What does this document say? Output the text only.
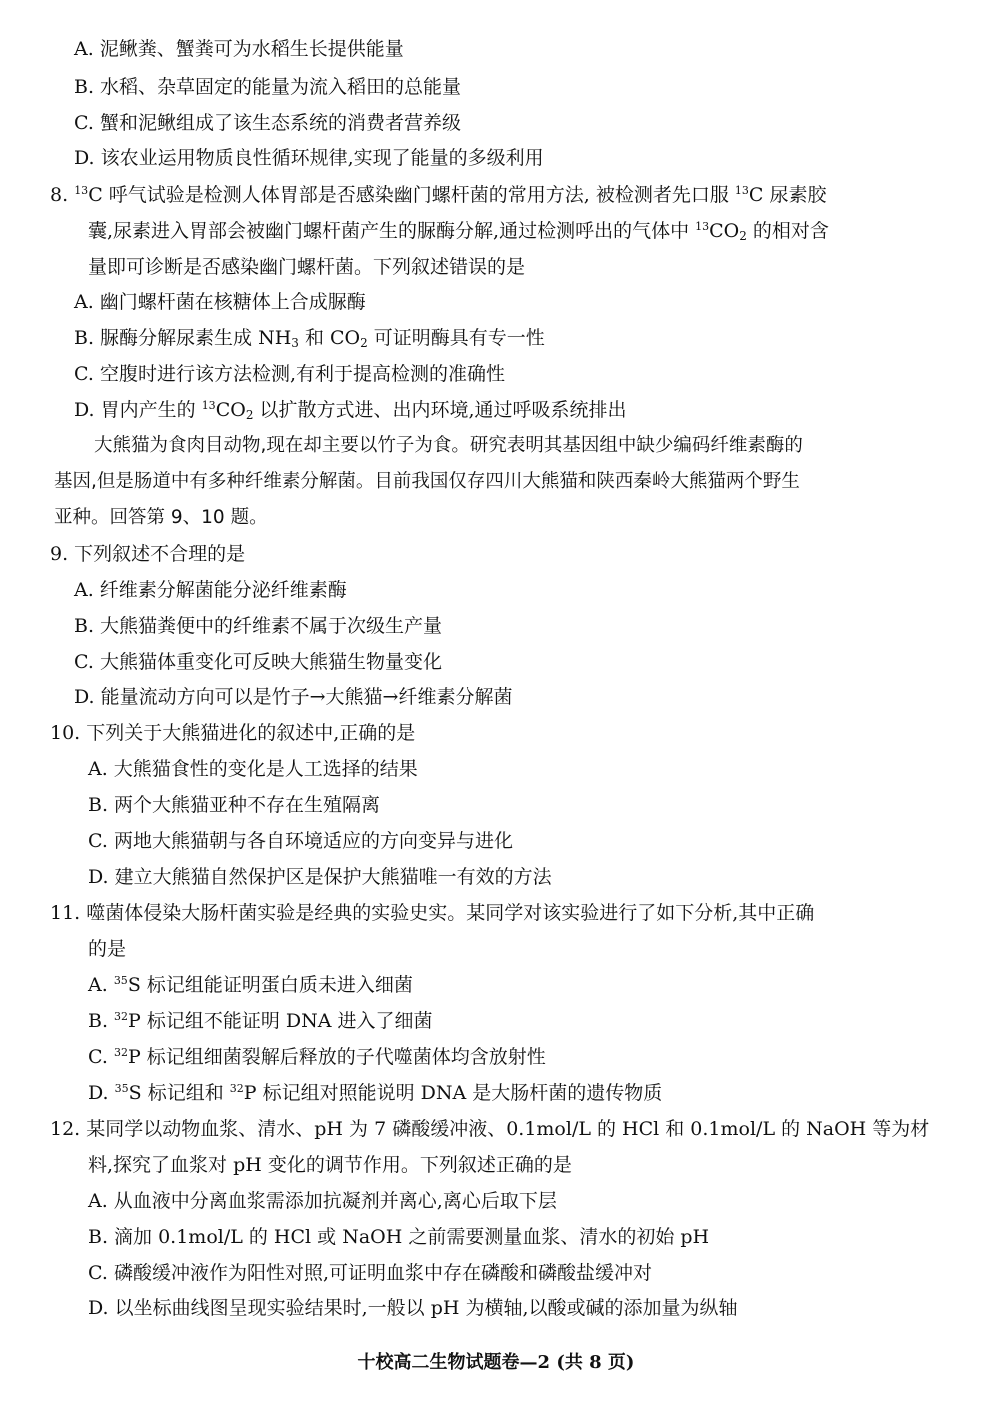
A. 泥鳅粪、蟹粪可为水稻生长提供能量
B. 水稻、杂草固定的能量为流入稻田的总能量
C. 蟹和泥鳅组成了该生态系统的消费者营养级
D. 该农业运用物质良性循环规律,实现了能量的多级利用
8. $^{13}$C 呼气试验是检测人体胃部是否感染幽门螺杆菌的常用方法, 被检测者先口服 $^{13}$C 尿素胶
囊,尿素进入胃部会被幽门螺杆菌产生的脲酶分解,通过检测呼出的气体中 $^{13}CO_2$ 的相对含
量即可诊断是否感染幽门螺杆菌。下列叙述错误的是
A. 幽门螺杆菌在核糖体上合成脲酶
B. 脲酶分解尿素生成 $NH_3$ 和 $CO_2$ 可证明酶具有专一性
C. 空腹时进行该方法检测,有利于提高检测的准确性
D. 胃内产生的 $^{13}CO_2$ 以扩散方式进、出内环境,通过呼吸系统排出
大熊猫为食肉目动物,现在却主要以竹子为食。研究表明其基因组中缺少编码纤维素酶的
基因,但是肠道中有多种纤维素分解菌。目前我国仅存四川大熊猫和陕西秦岭大熊猫两个野生
亚种。回答第 9、10 题。
9. 下列叙述不合理的是
A. 纤维素分解菌能分泌纤维素酶
B. 大熊猫粪便中的纤维素不属于次级生产量
C. 大熊猫体重变化可反映大熊猫生物量变化
D. 能量流动方向可以是竹子→大熊猫→纤维素分解菌
10. 下列关于大熊猫进化的叙述中,正确的是
A. 大熊猫食性的变化是人工选择的结果
B. 两个大熊猫亚种不存在生殖隔离
C. 两地大熊猫朝与各自环境适应的方向变异与进化
D. 建立大熊猫自然保护区是保护大熊猫唯一有效的方法
11. 噬菌体侵染大肠杆菌实验是经典的实验史实。某同学对该实验进行了如下分析,其中正确
的是
A. $^{35}$S 标记组能证明蛋白质未进入细菌
B. $^{32}$P 标记组不能证明 DNA 进入了细菌
C. $^{32}$P 标记组细菌裂解后释放的子代噬菌体均含放射性
D. $^{35}$S 标记组和 $^{32}$P 标记组对照能说明 DNA 是大肠杆菌的遗传物质
12. 某同学以动物血浆、清水、pH 为 7 磷酸缓冲液、0.1mol/L 的 HCl 和 0.1mol/L 的 NaOH 等为材
料,探究了血浆对 pH 变化的调节作用。下列叙述正确的是
A. 从血液中分离血浆需添加抗凝剂并离心,离心后取下层
B. 滴加 0.1mol/L 的 HCl 或 NaOH 之前需要测量血浆、清水的初始 pH
C. 磷酸缓冲液作为阳性对照,可证明血浆中存在磷酸和磷酸盐缓冲对
D. 以坐标曲线图呈现实验结果时,一般以 pH 为横轴,以酸或碱的添加量为纵轴
十校高二生物试题卷—2 (共 8 页)
